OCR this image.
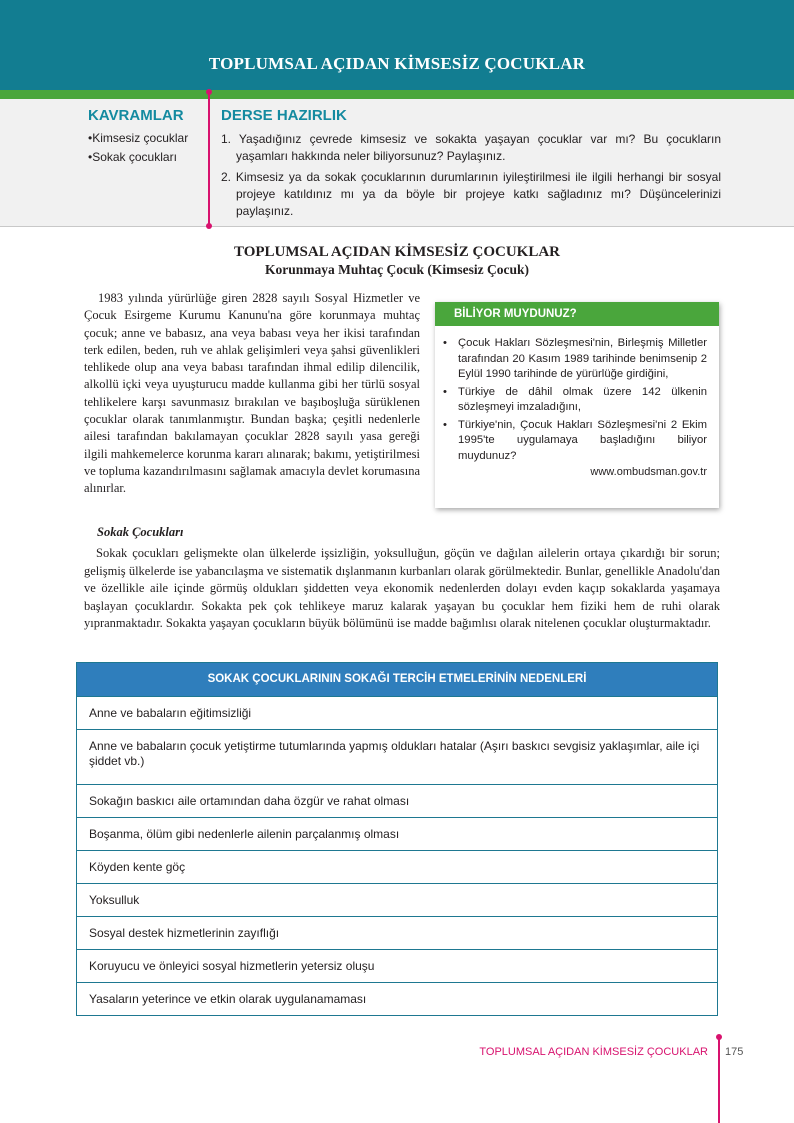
TOPLUMSAL AÇIDAN KİMSESİZ ÇOCUKLAR
KAVRAMLAR
•Kimsesiz çocuklar
•Sokak çocukları
DERSE HAZIRLIK
1. Yaşadığınız çevrede kimsesiz ve sokakta yaşayan çocuklar var mı? Bu çocukların yaşamları hakkında neler biliyorsunuz? Paylaşınız.
2. Kimsesiz ya da sokak çocuklarının durumlarının iyileştirilmesi ile ilgili herhangi bir sosyal projeye katıldınız mı ya da böyle bir projeye katkı sağladınız mı? Düşüncelerinizi paylaşınız.
TOPLUMSAL AÇIDAN KİMSESİZ ÇOCUKLAR
Korunmaya Muhtaç Çocuk (Kimsesiz Çocuk)
1983 yılında yürürlüğe giren 2828 sayılı Sosyal Hizmetler ve Çocuk Esirgeme Kurumu Kanunu'na göre korunmaya muhtaç çocuk; anne ve babasız, ana veya babası veya her ikisi tarafından terk edilen, beden, ruh ve ahlak gelişimleri veya şahsi güvenlikleri tehlikede olup ana veya babası tarafından ihmal edilip dilencilik, alkollü içki veya uyuşturucu madde kullanma gibi her türlü sosyal tehlikelere karşı savunmasız bırakılan ve başıboşluğa sürüklenen çocuklar olarak tanımlanmıştır. Bundan başka; çeşitli nedenlerle ailesi tarafından bakılamayan çocuklar 2828 sayılı yasa gereği ilgili mahkemelerce korunma kararı alınarak; bakımı, yetiştirilmesi ve topluma kazandırılmasını sağlamak amacıyla devlet korumasına alınırlar.
BİLİYOR MUYDUNUZ?
• Çocuk Hakları Sözleşmesi'nin, Birleşmiş Milletler tarafından 20 Kasım 1989 tarihinde benimsenip 2 Eylül 1990 tarihinde de yürürlüğe girdiğini,
• Türkiye de dâhil olmak üzere 142 ülkenin sözleşmeyi imzaladığını,
• Türkiye'nin, Çocuk Hakları Sözleşmesi'ni 2 Ekim 1995'te uygulamaya başladığını biliyor muydunuz?
www.ombudsman.gov.tr
Sokak Çocukları
Sokak çocukları gelişmekte olan ülkelerde işsizliğin, yoksulluğun, göçün ve dağılan ailelerin ortaya çıkardığı bir sorun; gelişmiş ülkelerde ise yabancılaşma ve sistematik dışlanmanın kurbanları olarak görülmektedir. Bunlar, genellikle Anadolu'dan ve özellikle aile içinde görmüş oldukları şiddetten veya ekonomik nedenlerden dolayı evden kaçıp sokaklarda yaşamaya başlayan çocuklardır. Sokakta pek çok tehlikeye maruz kalarak yaşayan bu çocuklar hem fiziki hem de ruhi olarak yıpranmaktadır. Sokakta yaşayan çocukların büyük bölümünü ise madde bağımlısı olarak nitelenen çocuklar oluşturmaktadır.
SOKAK ÇOCUKLARININ SOKAĞI TERCİH ETMELERİNİN NEDENLERİ
Anne ve babaların eğitimsizliği
Anne ve babaların çocuk yetiştirme tutumlarında yapmış oldukları hatalar (Aşırı baskıcı sevgisiz yaklaşımlar, aile içi şiddet vb.)
Sokağın baskıcı aile ortamından daha özgür ve rahat olması
Boşanma, ölüm gibi nedenlerle ailenin parçalanmış olması
Köyden kente göç
Yoksulluk
Sosyal destek hizmetlerinin zayıflığı
Koruyucu ve önleyici sosyal hizmetlerin yetersiz oluşu
Yasaların yeterince ve etkin olarak uygulanamaması
TOPLUMSAL AÇIDAN KİMSESİZ ÇOCUKLAR 175
